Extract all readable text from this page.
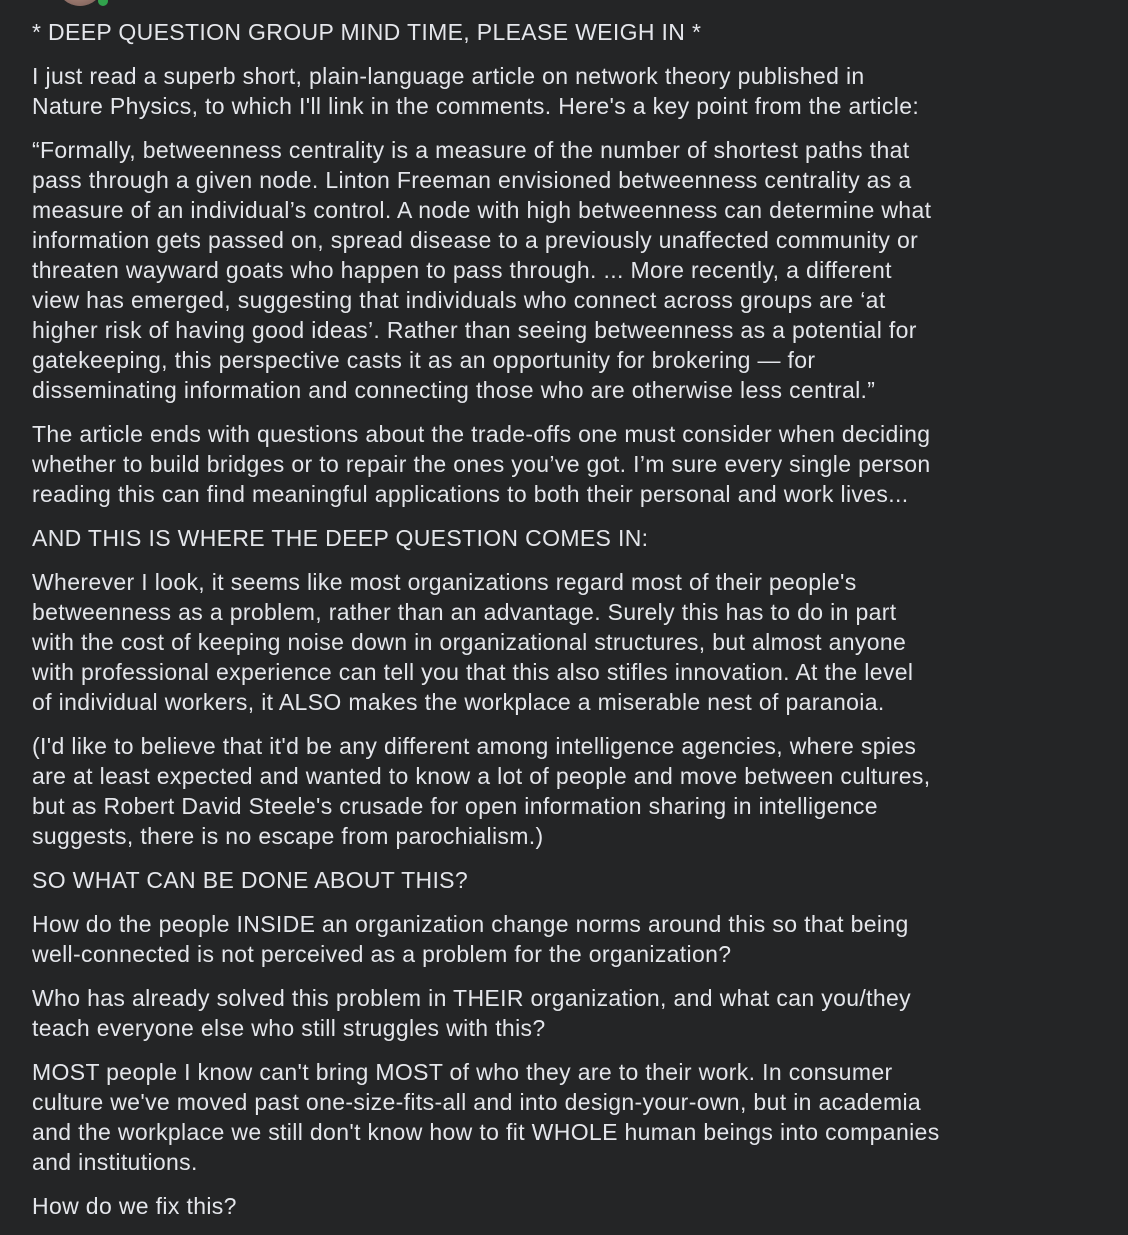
* DEEP QUESTION GROUP MIND TIME, PLEASE WEIGH IN *

I just read a superb short, plain-language article on network theory published in
Nature Physics, to which I'll link in the comments. Here's a key point from the article:

“Formally, betweenness centrality is a measure of the number of shortest paths that
pass through a given node. Linton Freeman envisioned betweenness centrality as a
measure of an individual’s control. A node with high betweenness can determine what
information gets passed on, spread disease to a previously unaffected community or
threaten wayward goats who happen to pass through. ... More recently, a different
view has emerged, suggesting that individuals who connect across groups are ‘at
higher risk of having good ideas’. Rather than seeing betweenness as a potential for
gatekeeping, this perspective casts it as an opportunity for brokering — for
disseminating information and connecting those who are otherwise less central.”

The article ends with questions about the trade-offs one must consider when deciding
whether to build bridges or to repair the ones you’ve got. I’m sure every single person
reading this can find meaningful applications to both their personal and work lives...

AND THIS IS WHERE THE DEEP QUESTION COMES IN:

Wherever I look, it seems like most organizations regard most of their people's
betweenness as a problem, rather than an advantage. Surely this has to do in part
with the cost of keeping noise down in organizational structures, but almost anyone
with professional experience can tell you that this also stifles innovation. At the level
of individual workers, it ALSO makes the workplace a miserable nest of paranoia.

(I'd like to believe that it'd be any different among intelligence agencies, where spies
are at least expected and wanted to know a lot of people and move between cultures,
but as Robert David Steele's crusade for open information sharing in intelligence
suggests, there is no escape from parochialism.)

SO WHAT CAN BE DONE ABOUT THIS?

How do the people INSIDE an organization change norms around this so that being
well-connected is not perceived as a problem for the organization?

Who has already solved this problem in THEIR organization, and what can you/they
teach everyone else who still struggles with this?

MOST people I know can't bring MOST of who they are to their work. In consumer
culture we've moved past one-size-fits-all and into design-your-own, but in academia
and the workplace we still don't know how to fit WHOLE human beings into companies
and institutions.

How do we fix this?
